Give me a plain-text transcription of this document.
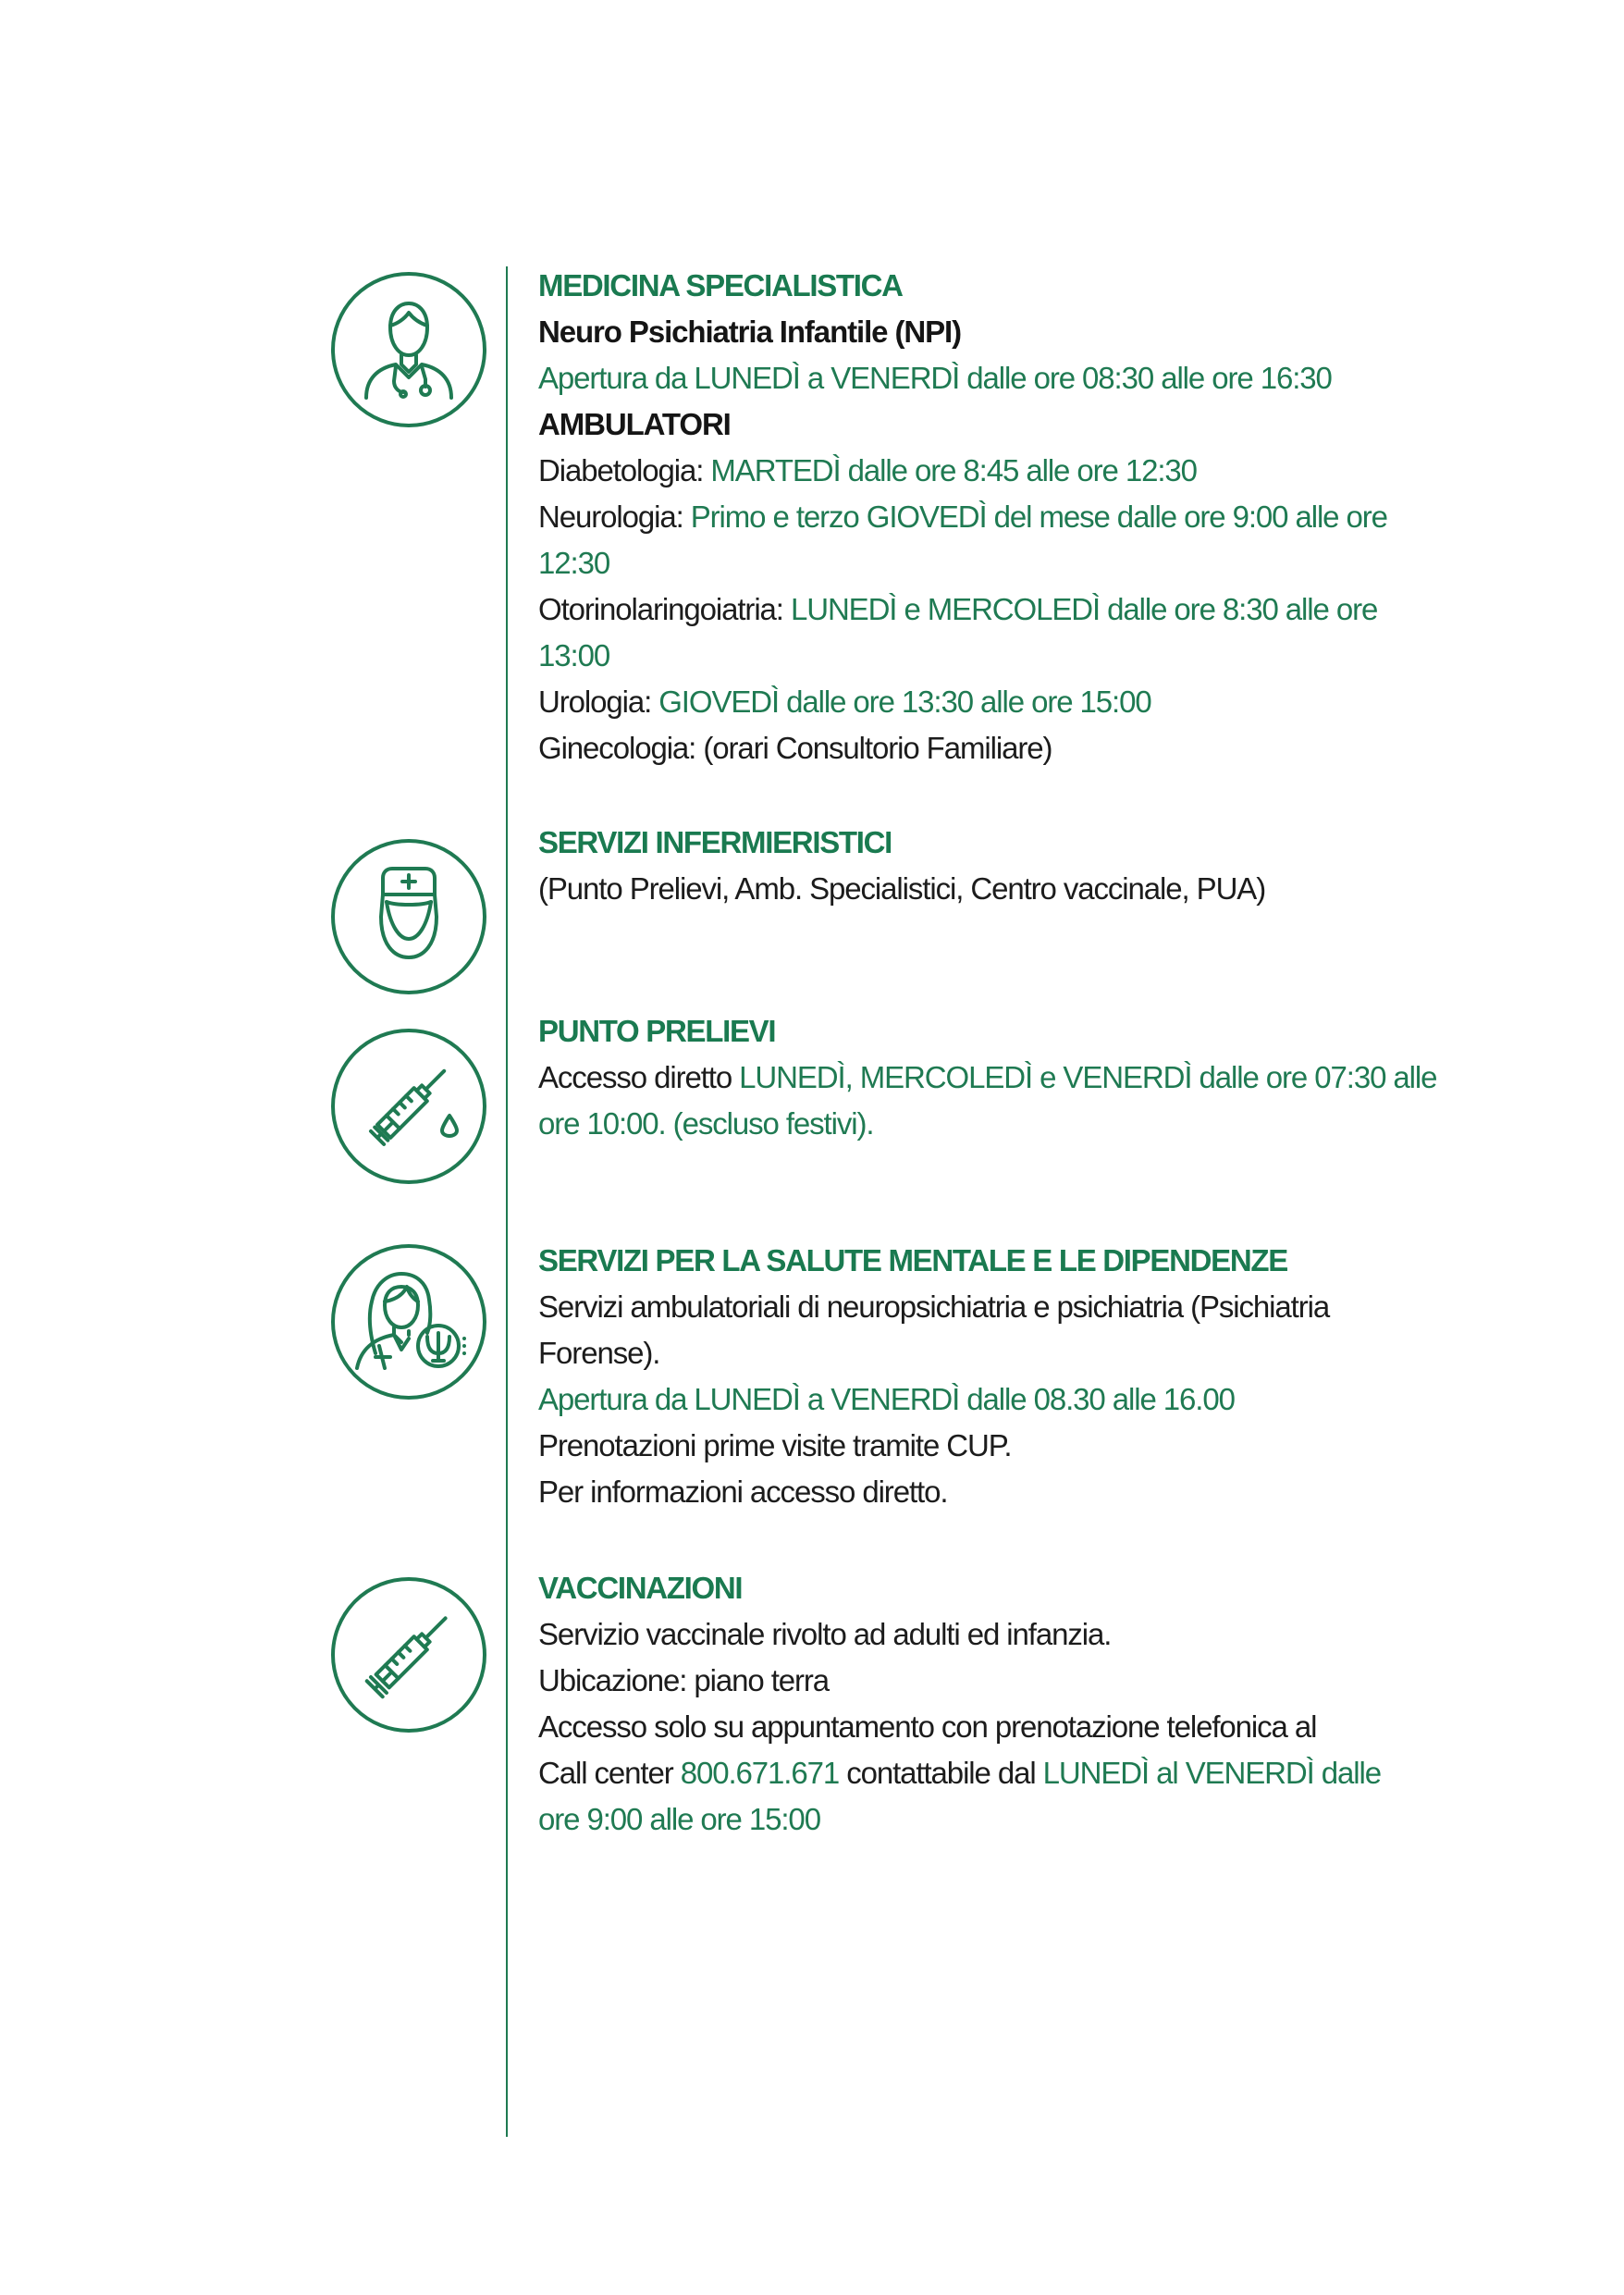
MEDICINA SPECIALISTICA
Neuro Psichiatria Infantile (NPI)
Apertura da LUNEDÌ a VENERDÌ dalle ore 08:30 alle ore 16:30
AMBULATORI
Diabetologia: MARTEDÌ dalle ore 8:45 alle ore 12:30
Neurologia: Primo e terzo GIOVEDÌ del mese dalle ore 9:00 alle ore
12:30
Otorinolaringoiatria: LUNEDÌ e MERCOLEDÌ dalle ore 8:30 alle ore
13:00
Urologia: GIOVEDÌ dalle ore 13:30 alle ore 15:00
Ginecologia: (orari Consultorio Familiare)
SERVIZI INFERMIERISTICI
(Punto Prelievi, Amb. Specialistici, Centro vaccinale, PUA)
PUNTO PRELIEVI
Accesso diretto LUNEDÌ, MERCOLEDÌ e VENERDÌ dalle ore 07:30 alle
ore 10:00. (escluso festivi).
SERVIZI PER LA SALUTE MENTALE E LE DIPENDENZE
Servizi ambulatoriali di neuropsichiatria e psichiatria (Psichiatria
Forense).
Apertura da LUNEDÌ a VENERDÌ dalle 08.30 alle 16.00
Prenotazioni prime visite tramite CUP.
Per informazioni accesso diretto.
VACCINAZIONI
Servizio vaccinale rivolto ad adulti ed infanzia.
Ubicazione: piano terra
Accesso solo su appuntamento con prenotazione telefonica al
Call center 800.671.671 contattabile dal LUNEDÌ al VENERDÌ dalle
ore 9:00 alle ore 15:00
